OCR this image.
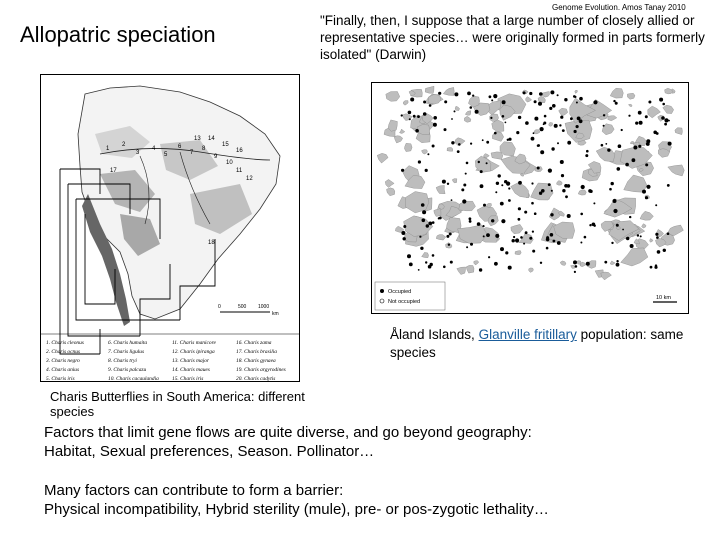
Genome Evolution. Amos Tanay 2010
Allopatric speciation
"Finally, then, I suppose that a large number of closely allied or representative species… were originally formed in parts formerly isolated" (Darwin)
1
2
3
4
5
6
7
8
9
10
11
12
13 14
15
16
17
18
0	500 1000
km
1. Charis cleonus
2. Charis ocnus
3. Charis negro
4. Charis anius
5. Charis iris
6. Charis humaita
7. Charis ligulus
8. Charis tryi
9. Charis palcazu
10. Charis cacaulandia
11. Charis manicore
12. Charis ipiranga
13. Charis major
14. Charis maues
15. Charis iris
16. Charis zama
17. Charis brasilia
18. Charis gynaea
19. Charis argyrodines
20. Charis cadytis
Occupied
Not occupied
10 km
Åland Islands, Glanville fritillary population: same species
Charis Butterflies in South America: different species
Factors that limit gene flows are quite diverse, and go beyond geography:
Habitat, Sexual preferences, Season. Pollinator…
Many factors can contribute to form a barrier:
Physical incompatibility, Hybrid sterility (mule), pre- or pos-zygotic lethality…
